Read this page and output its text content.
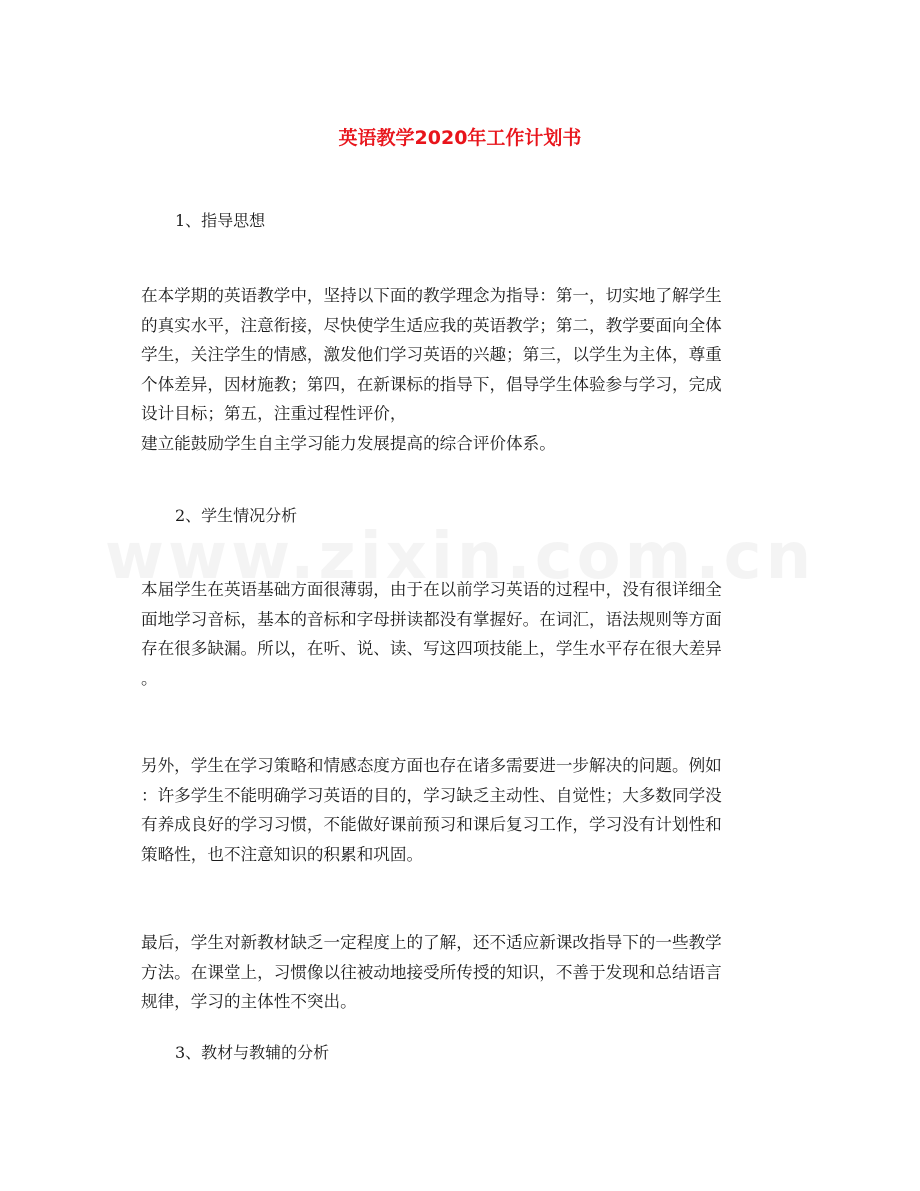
英语教学2020年工作计划书
1、指导思想

在本学期的英语教学中，坚持以下面的教学理念为指导：第一，切实地了解学生
的真实水平，注意衔接，尽快使学生适应我的英语教学；第二，教学要面向全体
学生，关注学生的情感，激发他们学习英语的兴趣；第三，以学生为主体，尊重
个体差异，因材施教；第四，在新课标的指导下，倡导学生体验参与学习，完成
设计目标；第五，注重过程性评价，
建立能鼓励学生自主学习能力发展提高的综合评价体系。

2、学生情况分析

本届学生在英语基础方面很薄弱，由于在以前学习英语的过程中，没有很详细全
面地学习音标，基本的音标和字母拼读都没有掌握好。在词汇，语法规则等方面
存在很多缺漏。所以，在听、说、读、写这四项技能上，学生水平存在很大差异
。

另外，学生在学习策略和情感态度方面也存在诸多需要进一步解决的问题。例如
：许多学生不能明确学习英语的目的，学习缺乏主动性、自觉性；大多数同学没
有养成良好的学习习惯，不能做好课前预习和课后复习工作，学习没有计划性和
策略性，也不注意知识的积累和巩固。

最后，学生对新教材缺乏一定程度上的了解，还不适应新课改指导下的一些教学
方法。在课堂上，习惯像以往被动地接受所传授的知识，不善于发现和总结语言
规律，学习的主体性不突出。

3、教材与教辅的分析
